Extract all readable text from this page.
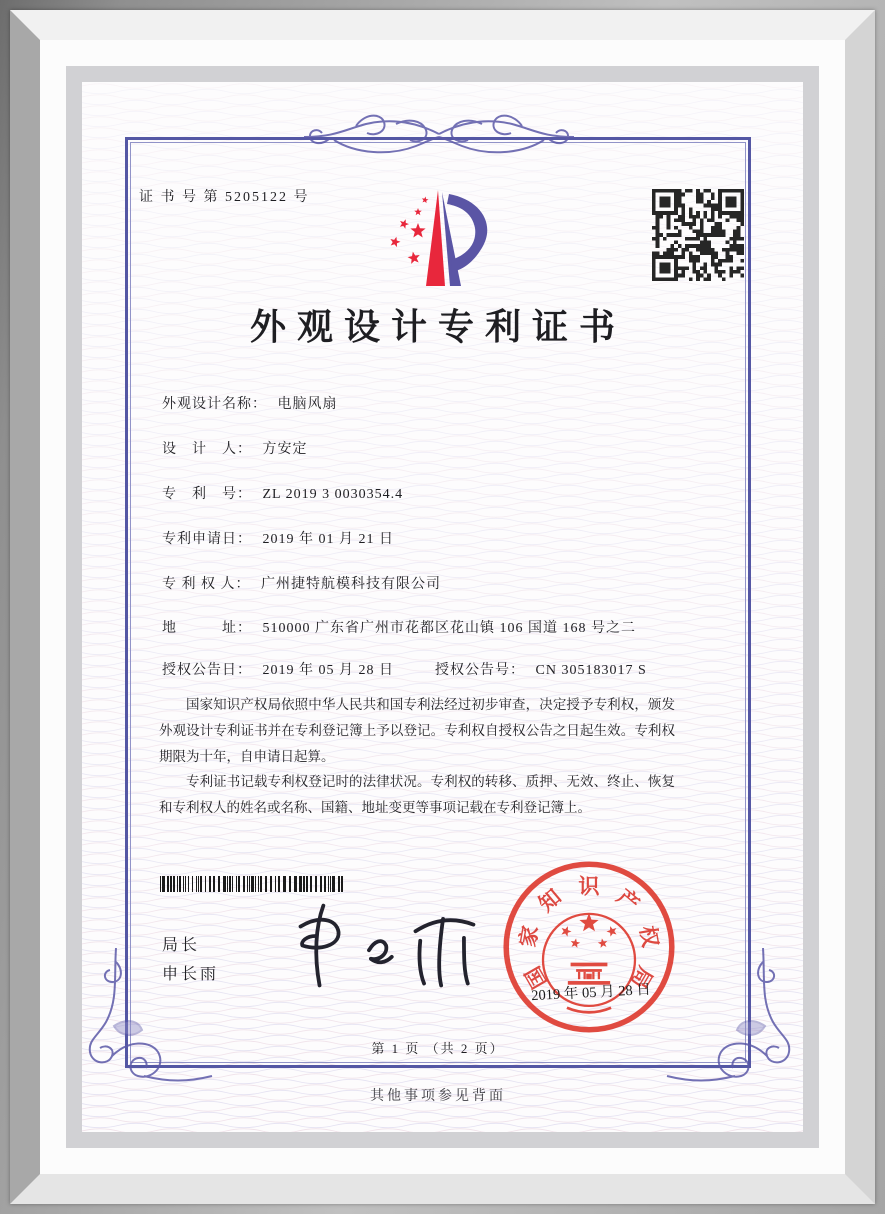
证 书 号 第 5205122 号
外观设计专利证书
外观设计名称： 电脑风扇
设　计　人： 方安定
专　利　号： ZL 2019 3 0030354.4
专利申请日： 2019 年 01 月 21 日
专 利 权 人： 广州捷特航模科技有限公司
地　　　址： 510000 广东省广州市花都区花山镇 106 国道 168 号之二
授权公告日： 2019 年 05 月 28 日	授权公告号： CN 305183017 S

国家知识产权局依照中华人民共和国专利法经过初步审查，决定授予专利权，颁发外观设计专利证书并在专利登记簿上予以登记。专利权自授权公告之日起生效。专利权期限为十年，自申请日起算。

专利证书记载专利权登记时的法律状况。专利权的转移、质押、无效、终止、恢复和专利权人的姓名或名称、国籍、地址变更等事项记载在专利登记簿上。

局长
申长雨	国
家
知 识 产
权
局
2019 年 05 月 28 日
第 1 页 （共 2 页）
其他事项参见背面
